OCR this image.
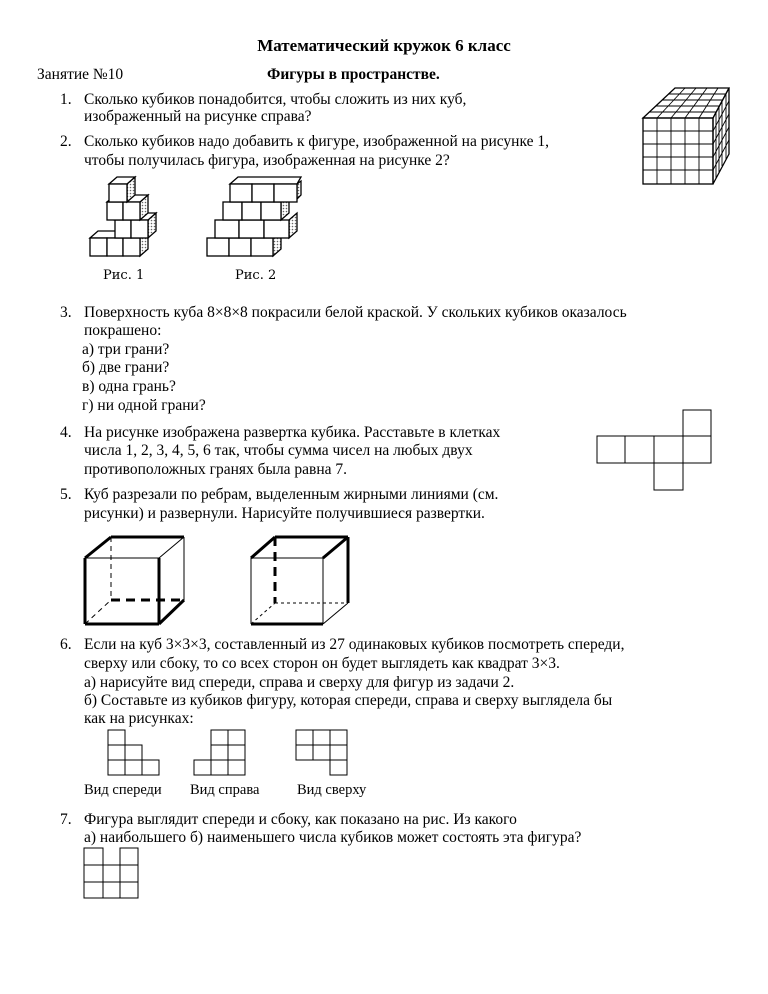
Математический кружок 6 класс
Занятие №10	Фигуры в пространстве.
1. Сколько кубиков понадобится, чтобы сложить из них куб,
изображенный на рисунке справа?
2. Сколько кубиков надо добавить к фигуре, изображенной на рисунке 1,
чтобы получилась фигура, изображенная на рисунке 2?
Рис. 1	Рис. 2
3. Поверхность куба 8×8×8 покрасили белой краской. У скольких кубиков оказалось
покрашено:
а) три грани?
б) две грани?
в) одна грань?
г) ни одной грани?
4. На рисунке изображена развертка кубика. Расставьте в клетках
числа 1, 2, 3, 4, 5, 6 так, чтобы сумма чисел на любых двух
противоположных гранях была равна 7.
5. Куб разрезали по ребрам, выделенным жирными линиями (см.
рисунки) и развернули. Нарисуйте получившиеся развертки.
6. Если на куб 3×3×3, составленный из 27 одинаковых кубиков посмотреть спереди,
сверху или сбоку, то со всех сторон он будет выглядеть как квадрат 3×3.
а) нарисуйте вид спереди, справа и сверху для фигур из задачи 2.
б) Составьте из кубиков фигуру, которая спереди, справа и сверху выглядела бы
как на рисунках:
Вид спереди Вид справа	Вид сверху
7. Фигура выглядит спереди и сбоку, как показано на рис. Из какого
а) наибольшего б) наименьшего числа кубиков может состоять эта фигура?
